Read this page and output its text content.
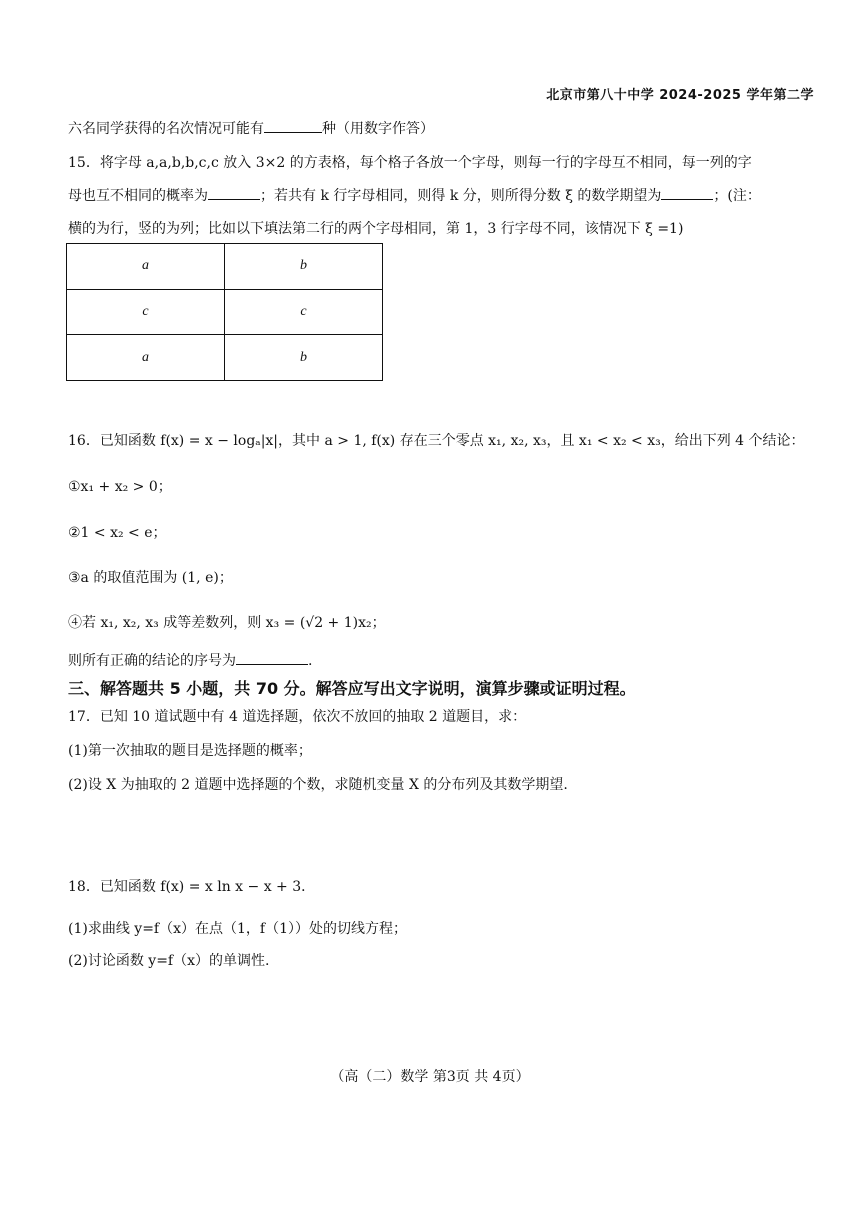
北京市第八十中学 2024-2025 学年第二学
六名同学获得的名次情况可能有	种（用数字作答）
15．将字母 a,a,b,b,c,c 放入 3×2 的方表格，每个格子各放一个字母，则每一行的字母互不相同，每一列的字
母也互不相同的概率为	；若共有 k 行字母相同，则得 k 分，则所得分数 ξ 的数学期望为	；(注：
横的为行，竖的为列；比如以下填法第二行的两个字母相同，第 1，3 行字母不同，该情况下 ξ =1)
a	b
c	c
a	b
16．已知函数 f(x) = x − logₐ|x|，其中 a > 1, f(x) 存在三个零点 x₁, x₂, x₃，且 x₁ < x₂ < x₃，给出下列 4 个结论：
①x₁ + x₂ > 0；
②1 < x₂ < e；
③a 的取值范围为 (1, e)；
④若 x₁, x₂, x₃ 成等差数列，则 x₃ = (√2 + 1)x₂；
则所有正确的结论的序号为	.
三、解答题共 5 小题，共 70 分。解答应写出文字说明，演算步骤或证明过程。
17．已知 10 道试题中有 4 道选择题，依次不放回的抽取 2 道题目，求：
(1)第一次抽取的题目是选择题的概率；
(2)设 X 为抽取的 2 道题中选择题的个数，求随机变量 X 的分布列及其数学期望.
18．已知函数 f(x) = x ln x − x + 3．
(1)求曲线 y=f（x）在点（1，f（1））处的切线方程；
(2)讨论函数 y=f（x）的单调性.
（高（二）数学 第3页 共 4页）
